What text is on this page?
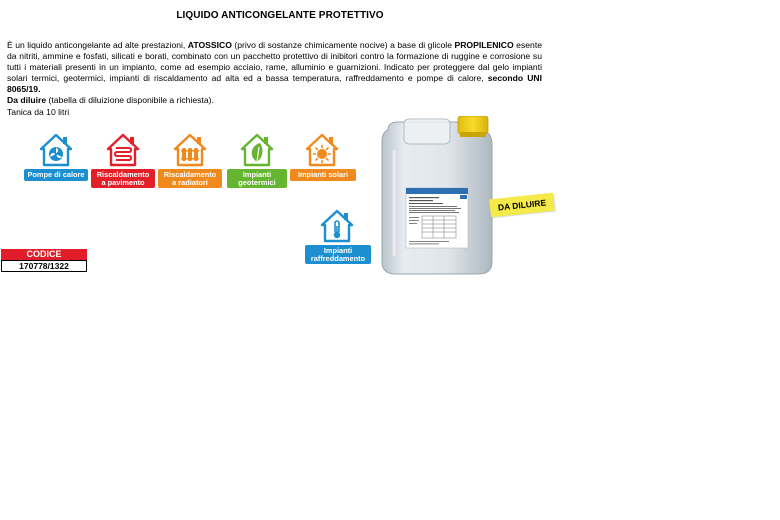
LIQUIDO ANTICONGELANTE PROTETTIVO

È un liquido anticongelante ad alte prestazioni, ATOSSICO (privo di sostanze chimicamente nocive) a base di glicole PROPILENICO esente da nitriti, ammine e fosfati, silicati e borati, combinato con un pacchetto protettivo di inibitori contro la formazione di ruggine e corrosione su tutti i materiali presenti in un impianto, come ad esempio acciaio, rame, alluminio e guarnizioni. Indicato per proteggere dal gelo impianti solari termici, geotermici, impianti di riscaldamento ad alta ed a bassa temperatura, raffreddamento e pompe di calore, secondo UNI 8065/19.

Da diluire (tabella di diluizione disponibile a richiesta).

Tanica da 10 litri

Pompe di calore	Riscaldamento
a pavimento
Riscaldamento
a radiatori
Impianti
geotermici
Impianti solari
Impianti
raffreddamento
CODICE
170778/1322
DA DILUIRE
